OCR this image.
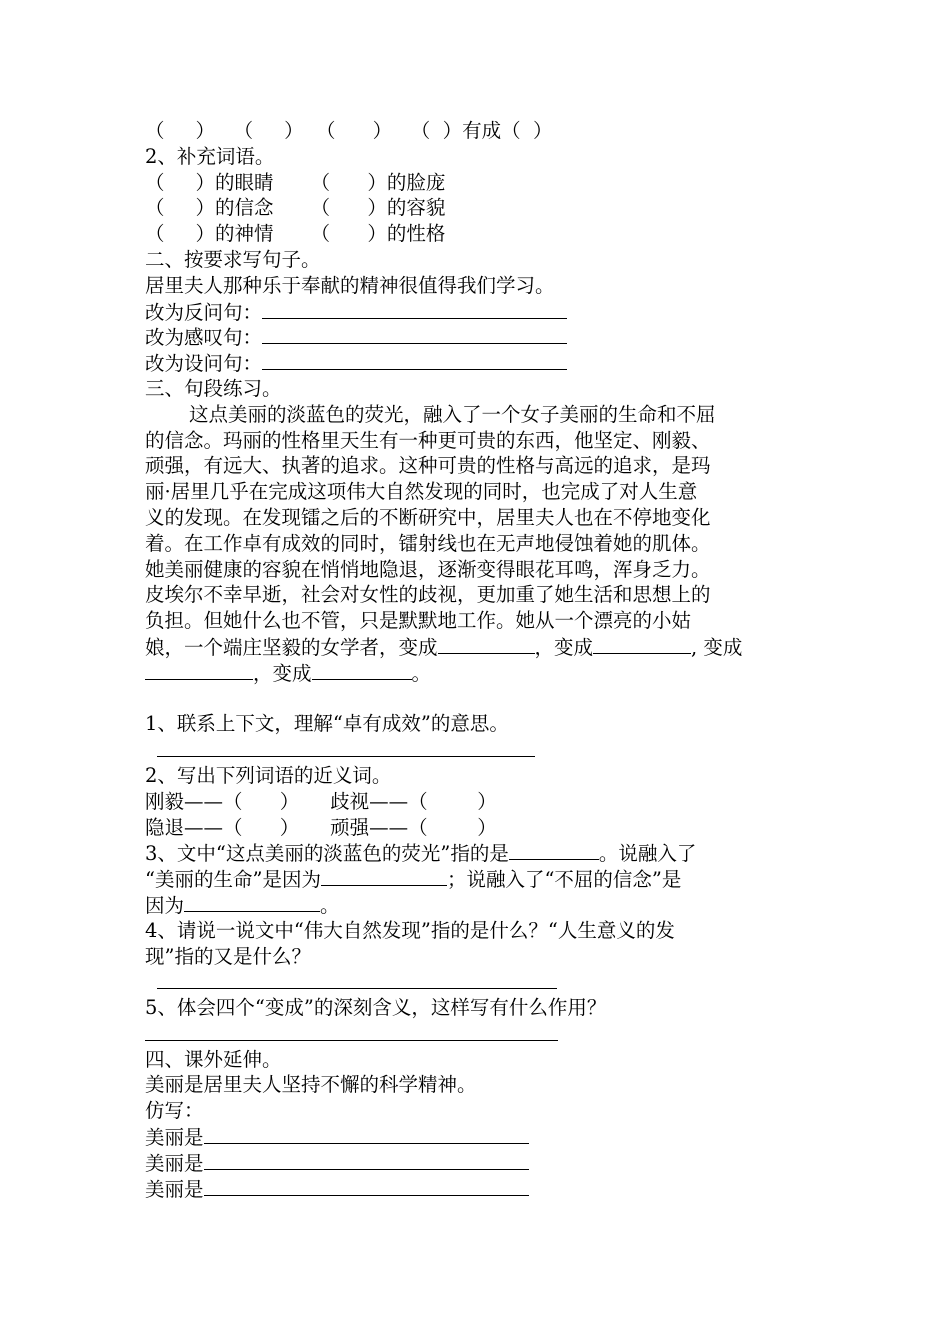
（     ）   （     ）  （      ）   （  ）有成（  ）
2、补充词语。
（     ）的眼睛      （      ）的脸庞
（     ）的信念      （      ）的容貌
（     ）的神情      （      ）的性格
二、按要求写句子。
居里夫人那种乐于奉献的精神很值得我们学习。
改为反问句：
改为感叹句：
改为设问句：
三、句段练习。
这点美丽的淡蓝色的荧光，融入了一个女子美丽的生命和不屈
的信念。玛丽的性格里天生有一种更可贵的东西，他坚定、刚毅、
顽强，有远大、执著的追求。这种可贵的性格与高远的追求，是玛
丽·居里几乎在完成这项伟大自然发现的同时，也完成了对人生意
义的发现。在发现镭之后的不断研究中，居里夫人也在不停地变化
着。在工作卓有成效的同时，镭射线也在无声地侵蚀着她的肌体。
她美丽健康的容貌在悄悄地隐退，逐渐变得眼花耳鸣，浑身乏力。
皮埃尔不幸早逝，社会对女性的歧视，更加重了她生活和思想上的
负担。但她什么也不管，只是默默地工作。她从一个漂亮的小姑
娘，一个端庄坚毅的女学者，变成	，变成	, 变成
，变成	。
1、联系上下文，理解“卓有成效”的意思。
2、写出下列词语的近义词。
刚毅——（      ）     歧视——（        ）
隐退——（      ）     顽强——（        ）
3、文中“这点美丽的淡蓝色的荧光”指的是	。说融入了
“美丽的生命”是因为	；说融入了“不屈的信念”是
因为	。
4、请说一说文中“伟大自然发现”指的是什么？“人生意义的发
现”指的又是什么？
5、体会四个“变成”的深刻含义，这样写有什么作用？
四、课外延伸。
美丽是居里夫人坚持不懈的科学精神。
仿写：
美丽是
美丽是
美丽是
